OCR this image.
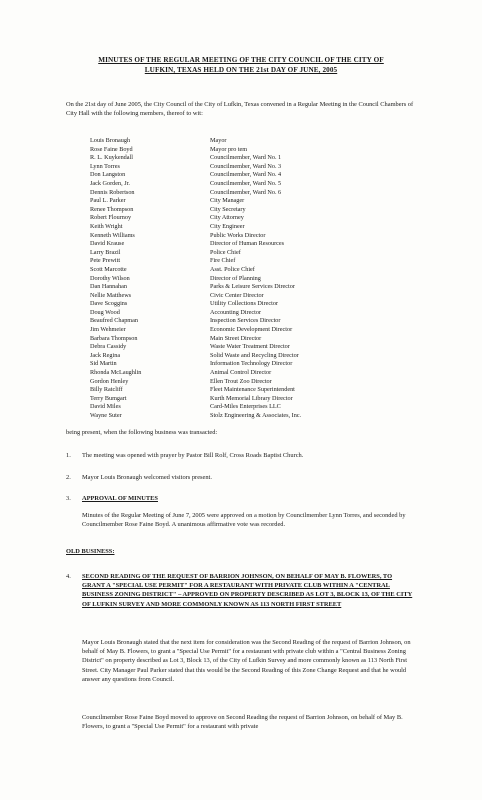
MINUTES OF THE REGULAR MEETING OF THE CITY COUNCIL OF THE CITY OF
LUFKIN, TEXAS HELD ON THE 21st DAY OF JUNE, 2005
On the 21st day of June 2005, the City Council of the City of Lufkin, Texas convened in a Regular Meeting in the Council Chambers of City Hall with the following members, thereof to wit:
Louis Bronaugh	Mayor
Rose Faine Boyd	Mayor pro tem
R. L. Kuykendall	Councilmember, Ward No. 1
Lynn Torres	Councilmember, Ward No. 3
Don Langston	Councilmember, Ward No. 4
Jack Gorden, Jr.	Councilmember, Ward No. 5
Dennis Robertson	Councilmember, Ward No. 6
Paul L. Parker	City Manager
Renee Thompson	City Secretary
Robert Flournoy	City Attorney
Keith Wright	City Engineer
Kenneth Williams	Public Works Director
David Krause	Director of Human Resources
Larry Brazil	Police Chief
Pete Prewitt	Fire Chief
Scott Marcotte	Asst. Police Chief
Dorothy Wilson	Director of Planning
Dan Hannahan	Parks & Leisure Services Director
Nellie Matthews	Civic Center Director
Dave Scoggins	Utility Collections Director
Doug Wood	Accounting Director
Beaufred Chapman	Inspection Services Director
Jim Wehmeier	Economic Development Director
Barbara Thompson	Main Street Director
Debra Cassidy	Waste Water Treatment Director
Jack Regina	Solid Waste and Recycling Director
Sid Martin	Information Technology Director
Rhonda McLaughlin	Animal Control Director
Gordon Henley	Ellen Trout Zoo Director
Billy Ratcliff	Fleet Maintenance Superintendent
Terry Bumgart	Kurth Memorial Library Director
David Miles	Card-Miles Enterprises LLC
Wayne Suter	Stolz Engineering & Associates, Inc.
being present, when the following business was transacted:
1.	The meeting was opened with prayer by Pastor Bill Rolf, Cross Roads Baptist Church.
2.	Mayor Louis Bronaugh welcomed visitors present.
3.	APPROVAL OF MINUTES
Minutes of the Regular Meeting of June 7, 2005 were approved on a motion by Councilmember Lynn Torres, and seconded by Councilmember Rose Faine Boyd. A unanimous affirmative vote was recorded.
OLD BUSINESS:
4.	SECOND READING OF THE REQUEST OF BARRION JOHNSON, ON BEHALF OF MAY B. FLOWERS, TO GRANT A "SPECIAL USE PERMIT" FOR A RESTAURANT WITH PRIVATE CLUB WITHIN A "CENTRAL BUSINESS ZONING DISTRICT" – APPROVED ON PROPERTY DESCRIBED AS LOT 3, BLOCK 13, OF THE CITY OF LUFKIN SURVEY AND MORE COMMONLY KNOWN AS 113 NORTH FIRST STREET
Mayor Louis Bronaugh stated that the next item for consideration was the Second Reading of the request of Barrion Johnson, on behalf of May B. Flowers, to grant a "Special Use Permit" for a restaurant with private club within a "Central Business Zoning District" on property described as Lot 3, Block 13, of the City of Lufkin Survey and more commonly known as 113 North First Street. City Manager Paul Parker stated that this would be the Second Reading of this Zone Change Request and that he would answer any questions from Council.
Councilmember Rose Faine Boyd moved to approve on Second Reading the request of Barrion Johnson, on behalf of May B. Flowers, to grant a "Special Use Permit" for a restaurant with private
